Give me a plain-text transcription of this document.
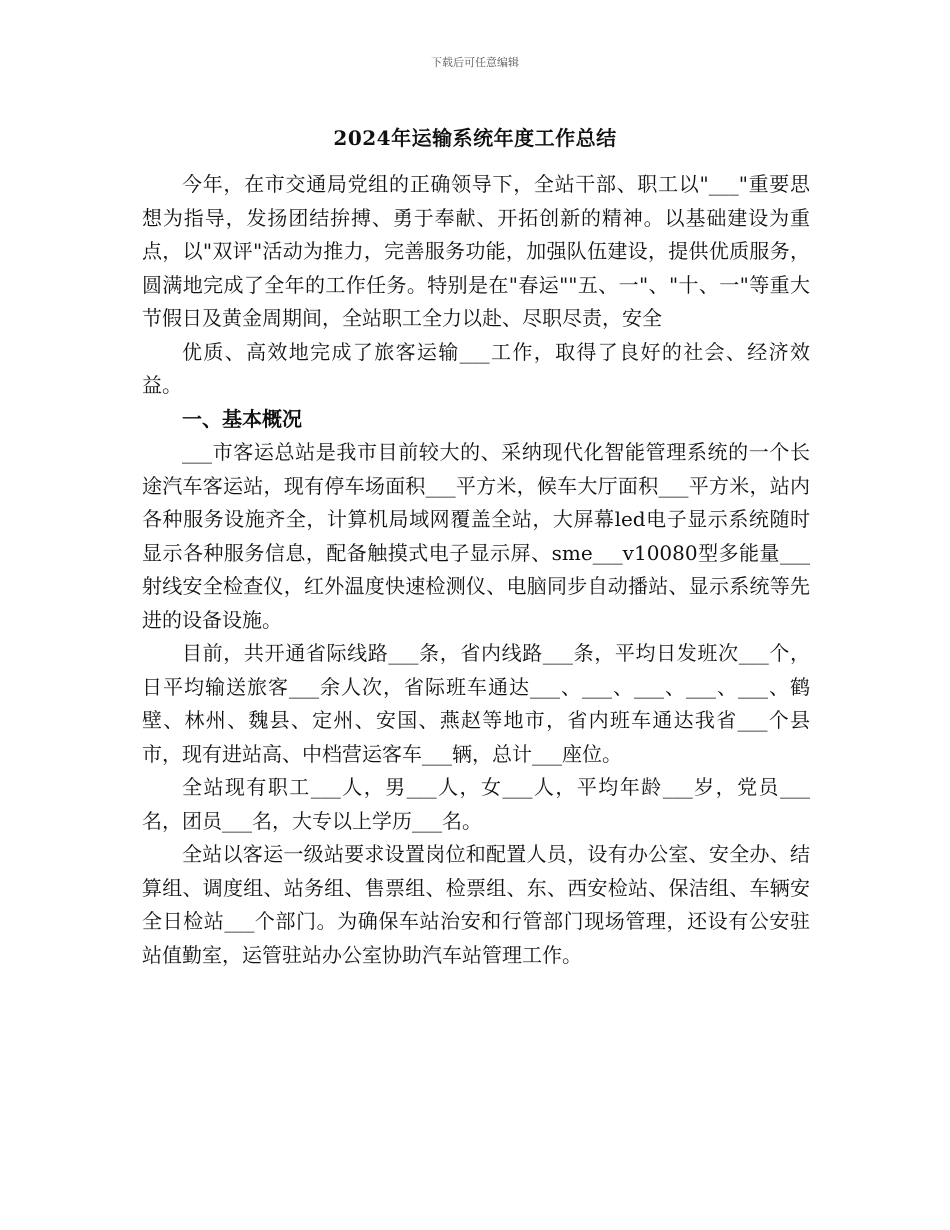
下载后可任意编辑
2024年运输系统年度工作总结

今年，在市交通局党组的正确领导下，全站干部、职工以"___"重要思想为指导，发扬团结拚搏、勇于奉献、开拓创新的精神。以基础建设为重点，以"双评"活动为推力，完善服务功能，加强队伍建设，提供优质服务，圆满地完成了全年的工作任务。特别是在"春运""五、一"、"十、一"等重大节假日及黄金周期间，全站职工全力以赴、尽职尽责，安全

优质、高效地完成了旅客运输___工作，取得了良好的社会、经济效益。

一、基本概况

___市客运总站是我市目前较大的、采纳现代化智能管理系统的一个长途汽车客运站，现有停车场面积___平方米，候车大厅面积___平方米，站内各种服务设施齐全，计算机局域网覆盖全站，大屏幕led电子显示系统随时显示各种服务信息，配备触摸式电子显示屏、sme___v10080型多能量___射线安全检查仪，红外温度快速检测仪、电脑同步自动播站、显示系统等先进的设备设施。

目前，共开通省际线路___条，省内线路___条，平均日发班次___个，日平均输送旅客___余人次，省际班车通达___、___、___、___、___、鹤壁、林州、魏县、定州、安国、燕赵等地市，省内班车通达我省___个县市，现有进站高、中档营运客车___辆，总计___座位。

全站现有职工___人，男___人，女___人，平均年龄___岁，党员___名，团员___名，大专以上学历___名。

全站以客运一级站要求设置岗位和配置人员，设有办公室、安全办、结算组、调度组、站务组、售票组、检票组、东、西安检站、保洁组、车辆安全日检站___个部门。为确保车站治安和行管部门现场管理，还设有公安驻站值勤室，运管驻站办公室协助汽车站管理工作。
